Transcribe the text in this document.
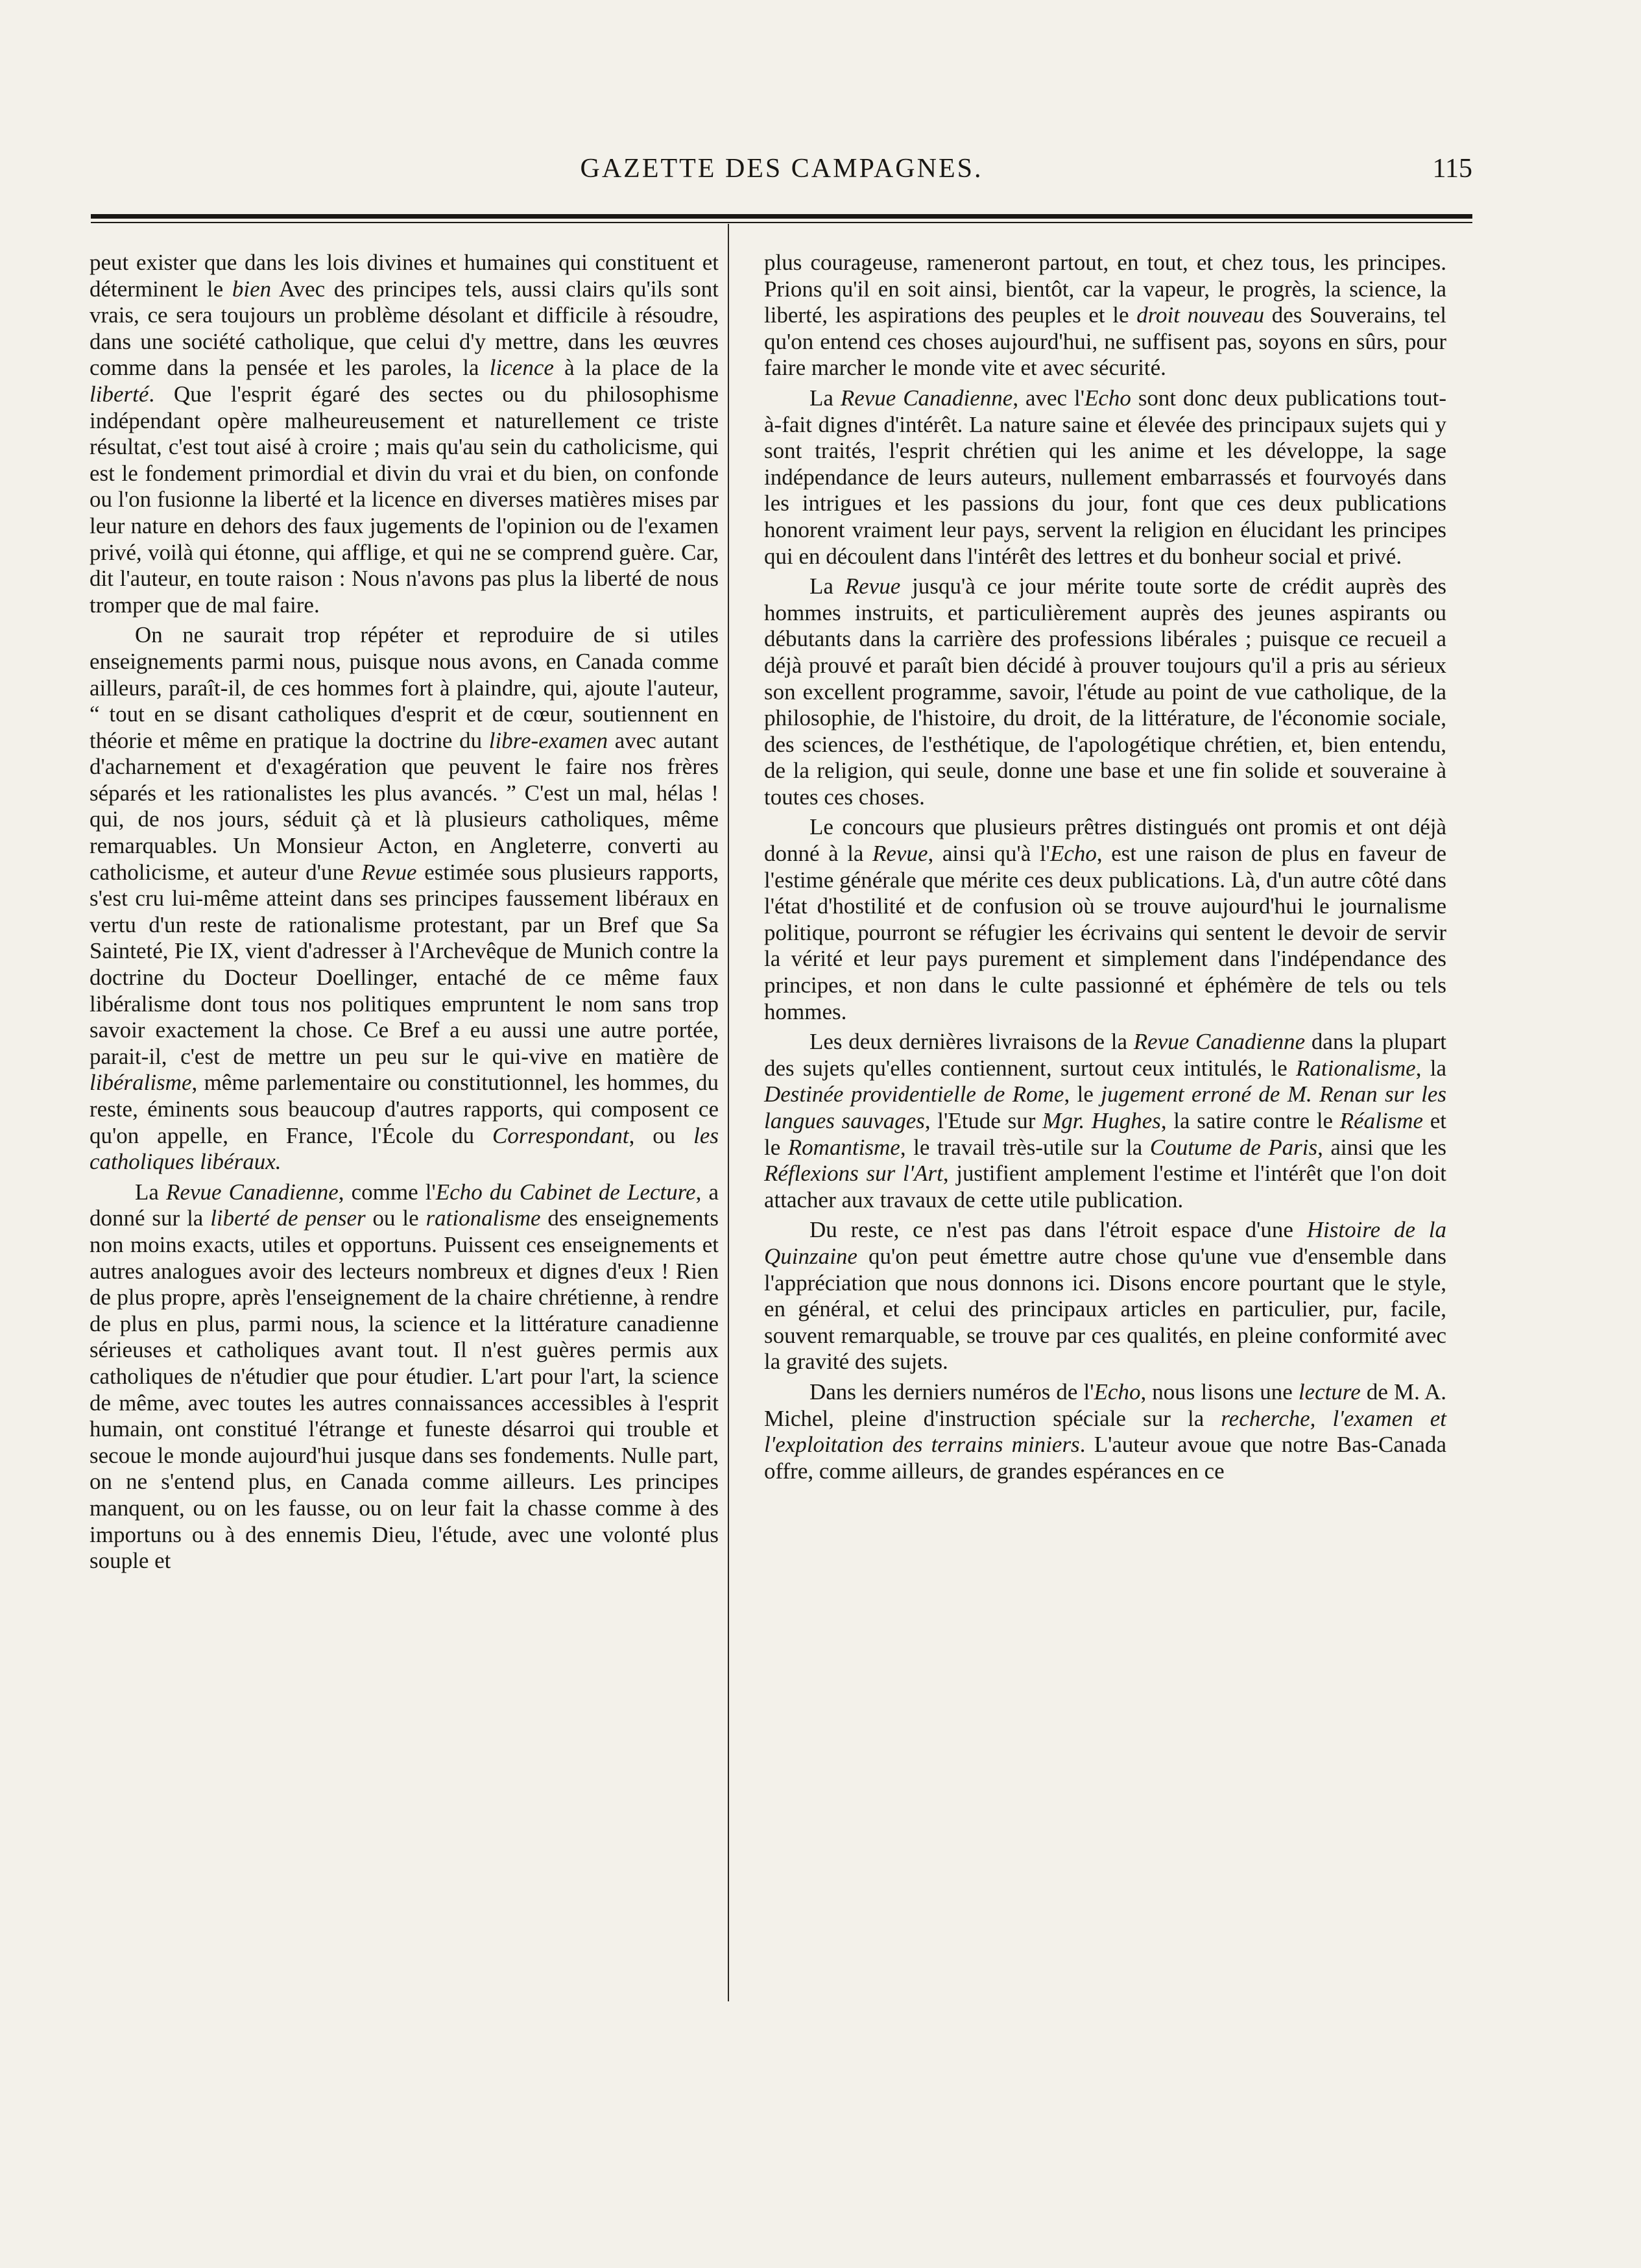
GAZETTE DES CAMPAGNES.	115

peut exister que dans les lois divines et humaines qui constituent et déterminent le bien Avec des principes tels, aussi clairs qu'ils sont vrais, ce sera toujours un problème désolant et difficile à résoudre, dans une société catholique, que celui d'y mettre, dans les œuvres comme dans la pensée et les paroles, la licence à la place de la liberté. Que l'esprit égaré des sectes ou du philosophisme indépendant opère malheureusement et naturellement ce triste résultat, c'est tout aisé à croire ; mais qu'au sein du catholicisme, qui est le fondement primordial et divin du vrai et du bien, on confonde ou l'on fusionne la liberté et la licence en diverses matières mises par leur nature en dehors des faux jugements de l'opinion ou de l'examen privé, voilà qui étonne, qui afflige, et qui ne se comprend guère. Car, dit l'auteur, en toute raison : Nous n'avons pas plus la liberté de nous tromper que de mal faire.

On ne saurait trop répéter et reproduire de si utiles enseignements parmi nous, puisque nous avons, en Canada comme ailleurs, paraît-il, de ces hommes fort à plaindre, qui, ajoute l'auteur, “ tout en se disant catholiques d'esprit et de cœur, soutiennent en théorie et même en pratique la doctrine du libre-examen avec autant d'acharnement et d'exagération que peuvent le faire nos frères séparés et les rationalistes les plus avancés. ” C'est un mal, hélas ! qui, de nos jours, séduit çà et là plusieurs catholiques, même remarquables. Un Monsieur Acton, en Angleterre, converti au catholicisme, et auteur d'une Revue estimée sous plusieurs rapports, s'est cru lui-même atteint dans ses principes faussement libéraux en vertu d'un reste de rationalisme protestant, par un Bref que Sa Sainteté, Pie IX, vient d'adresser à l'Archevêque de Munich contre la doctrine du Docteur Doellinger, entaché de ce même faux libéralisme dont tous nos politiques empruntent le nom sans trop savoir exactement la chose. Ce Bref a eu aussi une autre portée, parait-il, c'est de mettre un peu sur le qui-vive en matière de libéralisme, même parlementaire ou constitutionnel, les hommes, du reste, éminents sous beaucoup d'autres rapports, qui composent ce qu'on appelle, en France, l'École du Correspondant, ou les catholiques libéraux.

La Revue Canadienne, comme l'Echo du Cabinet de Lecture, a donné sur la liberté de penser ou le rationalisme des enseignements non moins exacts, utiles et opportuns. Puissent ces enseignements et autres analogues avoir des lecteurs nombreux et dignes d'eux ! Rien de plus propre, après l'enseignement de la chaire chrétienne, à rendre de plus en plus, parmi nous, la science et la littérature canadienne sérieuses et catholiques avant tout. Il n'est guères permis aux catholiques de n'étudier que pour étudier. L'art pour l'art, la science de même, avec toutes les autres connaissances accessibles à l'esprit humain, ont constitué l'étrange et funeste désarroi qui trouble et secoue le monde aujourd'hui jusque dans ses fondements. Nulle part, on ne s'entend plus, en Canada comme ailleurs. Les principes manquent, ou on les fausse, ou on leur fait la chasse comme à des importuns ou à des ennemis Dieu, l'étude, avec une volonté plus souple et

plus courageuse, rameneront partout, en tout, et chez tous, les principes. Prions qu'il en soit ainsi, bientôt, car la vapeur, le progrès, la science, la liberté, les aspirations des peuples et le droit nouveau des Souverains, tel qu'on entend ces choses aujourd'hui, ne suffisent pas, soyons en sûrs, pour faire marcher le monde vite et avec sécurité.

La Revue Canadienne, avec l'Echo sont donc deux publications tout-à-fait dignes d'intérêt. La nature saine et élevée des principaux sujets qui y sont traités, l'esprit chrétien qui les anime et les développe, la sage indépendance de leurs auteurs, nullement embarrassés et fourvoyés dans les intrigues et les passions du jour, font que ces deux publications honorent vraiment leur pays, servent la religion en élucidant les principes qui en découlent dans l'intérêt des lettres et du bonheur social et privé.

La Revue jusqu'à ce jour mérite toute sorte de crédit auprès des hommes instruits, et particulièrement auprès des jeunes aspirants ou débutants dans la carrière des professions libérales ; puisque ce recueil a déjà prouvé et paraît bien décidé à prouver toujours qu'il a pris au sérieux son excellent programme, savoir, l'étude au point de vue catholique, de la philosophie, de l'histoire, du droit, de la littérature, de l'économie sociale, des sciences, de l'esthétique, de l'apologétique chrétien, et, bien entendu, de la religion, qui seule, donne une base et une fin solide et souveraine à toutes ces choses.

Le concours que plusieurs prêtres distingués ont promis et ont déjà donné à la Revue, ainsi qu'à l'Echo, est une raison de plus en faveur de l'estime générale que mérite ces deux publications. Là, d'un autre côté dans l'état d'hostilité et de confusion où se trouve aujourd'hui le journalisme politique, pourront se réfugier les écrivains qui sentent le devoir de servir la vérité et leur pays purement et simplement dans l'indépendance des principes, et non dans le culte passionné et éphémère de tels ou tels hommes.

Les deux dernières livraisons de la Revue Canadienne dans la plupart des sujets qu'elles contiennent, surtout ceux intitulés, le Rationalisme, la Destinée providentielle de Rome, le jugement erroné de M. Renan sur les langues sauvages, l'Etude sur Mgr. Hughes, la satire contre le Réalisme et le Romantisme, le travail très-utile sur la Coutume de Paris, ainsi que les Réflexions sur l'Art, justifient amplement l'estime et l'intérêt que l'on doit attacher aux travaux de cette utile publication.

Du reste, ce n'est pas dans l'étroit espace d'une Histoire de la Quinzaine qu'on peut émettre autre chose qu'une vue d'ensemble dans l'appréciation que nous donnons ici. Disons encore pourtant que le style, en général, et celui des principaux articles en particulier, pur, facile, souvent remarquable, se trouve par ces qualités, en pleine conformité avec la gravité des sujets.

Dans les derniers numéros de l'Echo, nous lisons une lecture de M. A. Michel, pleine d'instruction spéciale sur la recherche, l'examen et l'exploitation des terrains miniers. L'auteur avoue que notre Bas-Canada offre, comme ailleurs, de grandes espérances en ce
